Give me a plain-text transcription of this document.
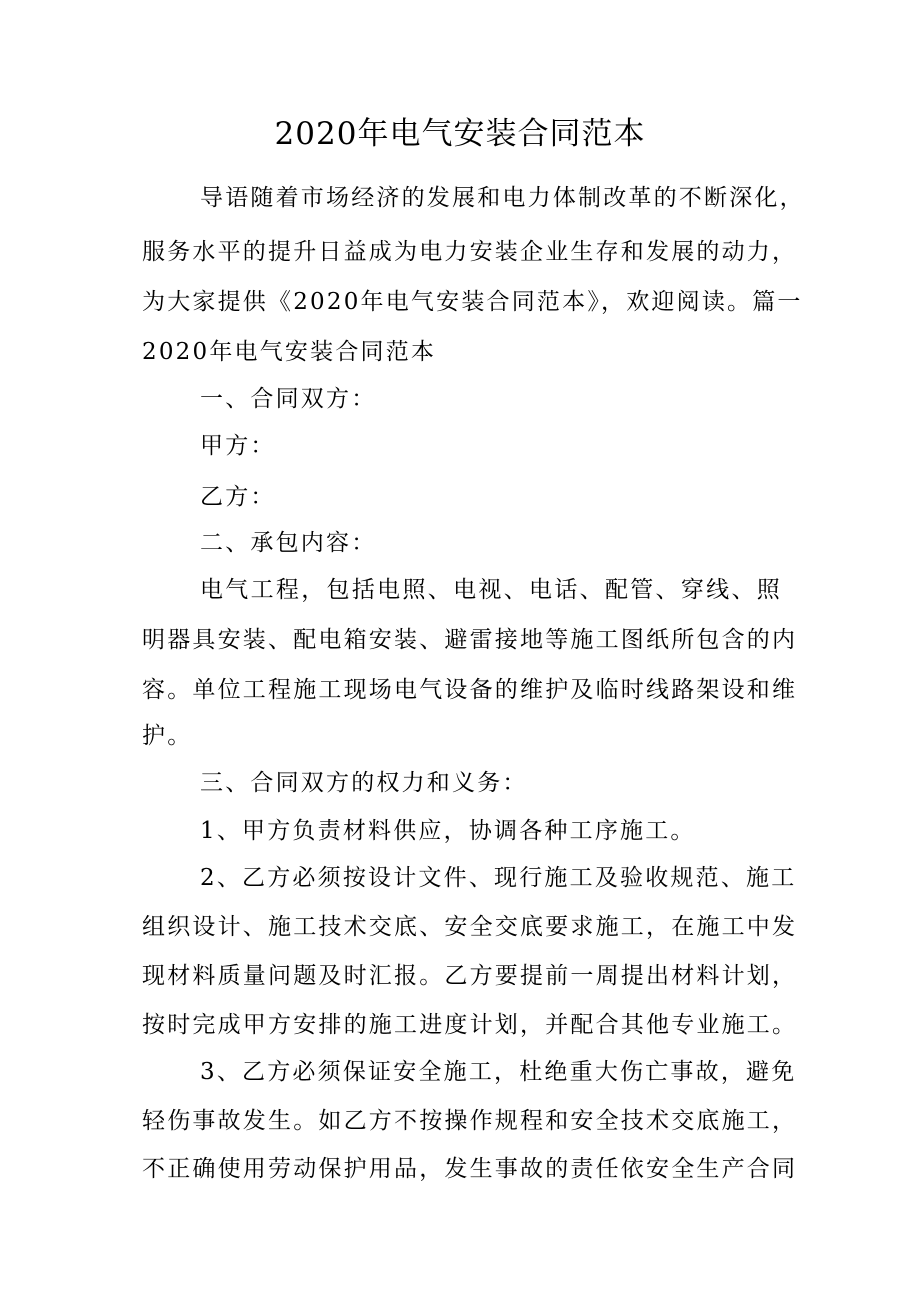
2020年电气安装合同范本

导语随着市场经济的发展和电力体制改革的不断深化，

服务水平的提升日益成为电力安装企业生存和发展的动力，

为大家提供《2020年电气安装合同范本》，欢迎阅读。篇一

2020年电气安装合同范本

一、合同双方：

甲方：

乙方：

二、承包内容：

电气工程，包括电照、电视、电话、配管、穿线、照

明器具安装、配电箱安装、避雷接地等施工图纸所包含的内

容。单位工程施工现场电气设备的维护及临时线路架设和维

护。

三、合同双方的权力和义务：

1、甲方负责材料供应，协调各种工序施工。

2、乙方必须按设计文件、现行施工及验收规范、施工

组织设计、施工技术交底、安全交底要求施工，在施工中发

现材料质量问题及时汇报。乙方要提前一周提出材料计划，

按时完成甲方安排的施工进度计划，并配合其他专业施工。

3、乙方必须保证安全施工，杜绝重大伤亡事故，避免

轻伤事故发生。如乙方不按操作规程和安全技术交底施工，

不正确使用劳动保护用品，发生事故的责任依安全生产合同
